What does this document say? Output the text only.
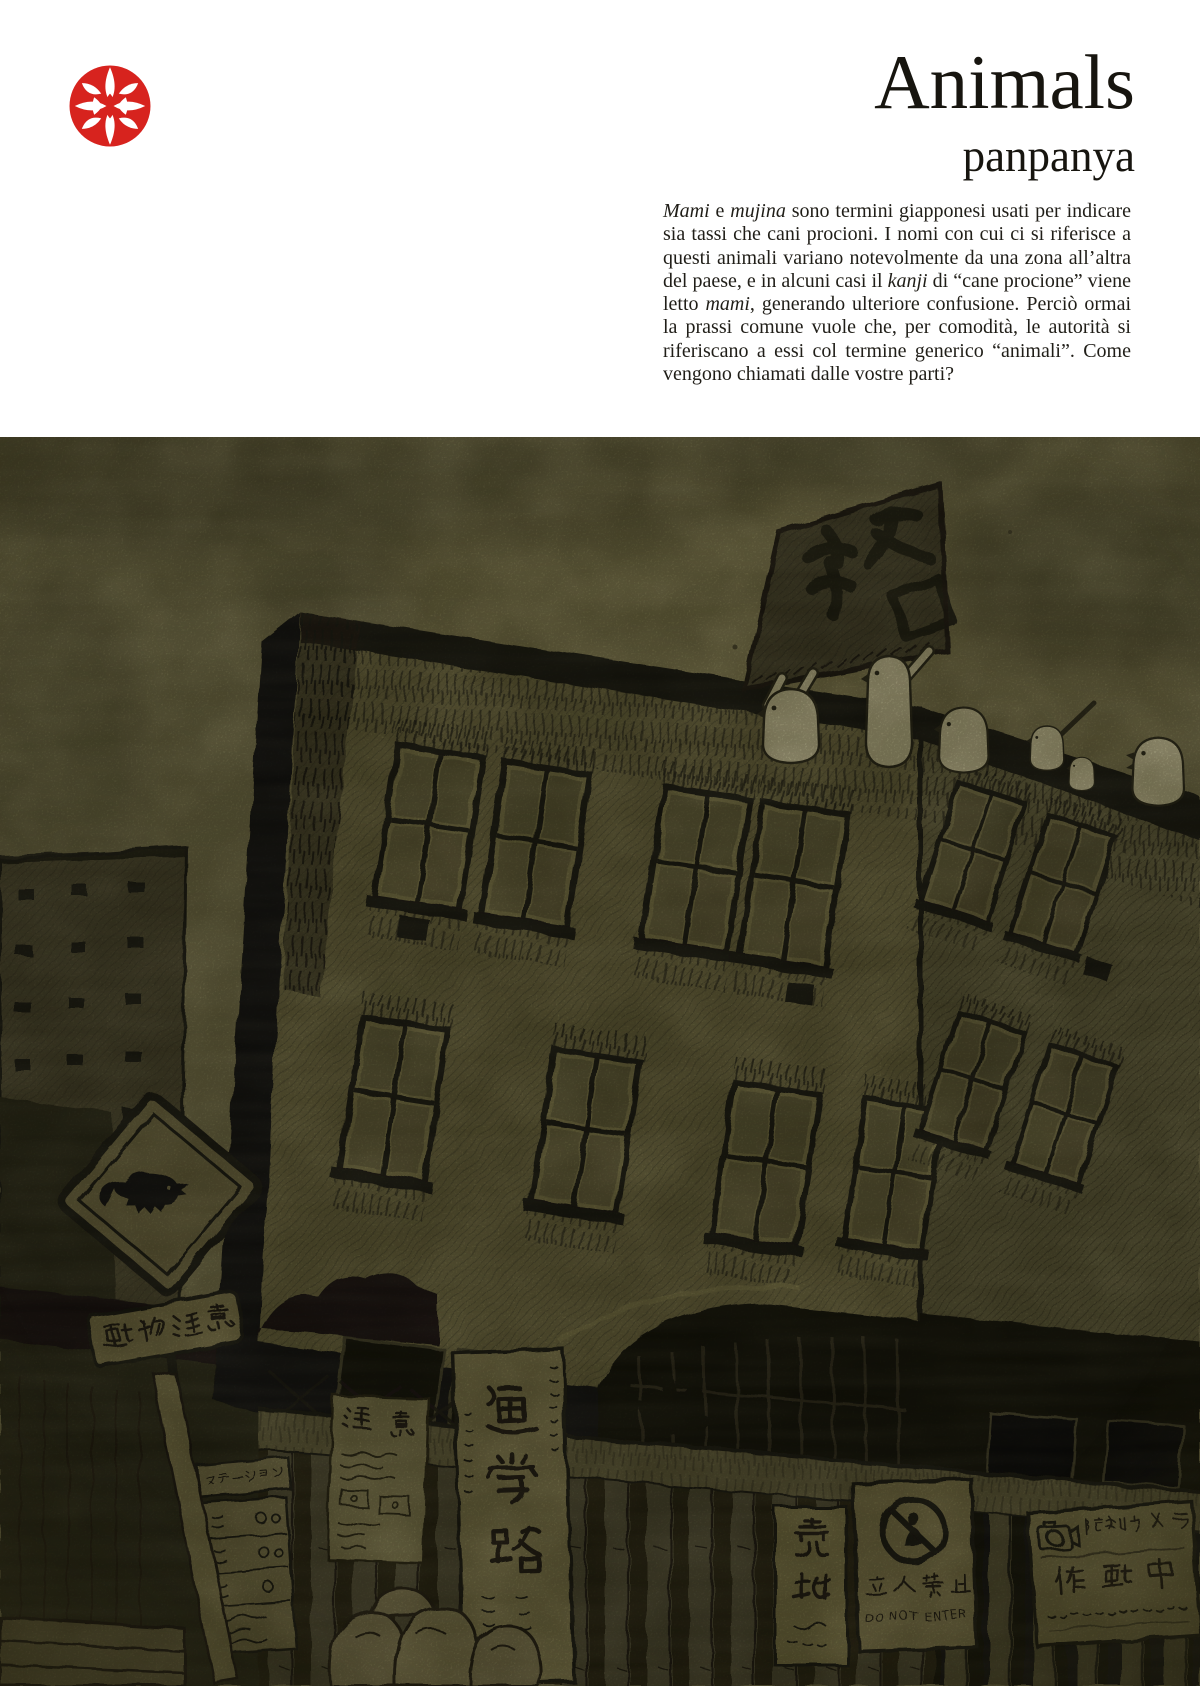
Animals
panpanya

Mami e mujina sono termini giapponesi usati per indicare sia tassi che cani procioni. I nomi con cui ci si riferisce a questi animali variano notevolmente da una zona all’altra del paese, e in alcuni casi il kanji di “cane procione” viene letto mami, generando ulteriore confusione. Perciò ormai la prassi comune vuole che, per comodità, le autorità si riferiscano a essi col termine generico “animali”. Come vengono chiamati dalle vostre parti?
